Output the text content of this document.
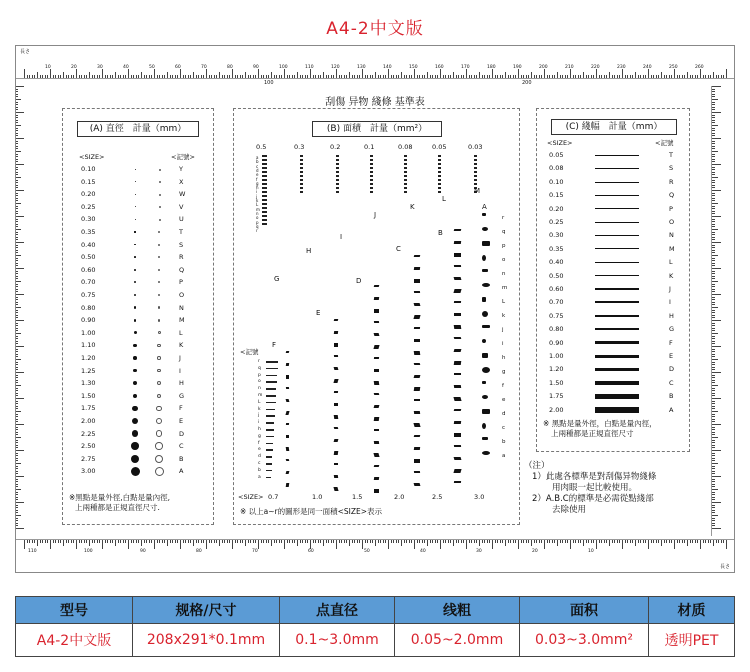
A4-2中文版
10	20	30	40	50	60	70	80	90	100	110	120	130	140	150	160	170	180	190	200	210	220	230	240	250	260
100	200
長さ
110	100	90	80	70	60	50	40	30	20	10
長さ
刮傷 异物 綫條 基準表
(A) 直徑　計量（mm）
<SIZE>	<記號>
※黑點是量外徑,白點是量內徑,
上兩種都是正規直徑尺寸.
0.10	Y
0.15	X
0.20	W
0.25	V
0.30	U
0.35	T
0.40	S
0.50	R
0.60	Q
0.70	P
0.75	O
0.80	N
0.90	M
1.00	L
1.10	K
1.20	J
1.25	I
1.30	H
1.50	G
1.75	F
2.00	E
2.25	D
2.50	C
2.75	B
3.00	A
(B) 面積　計量（mm²）
※ 以上a~r的圖形是同一面積<SIZE>表示
0.5	0.3	0.2	0.1	0.08	0.05	0.03
a
b
c
d
e
f
g
h
i
j
k
L
m
n
o
p
q
r
G
H
I
J
K
L
M
A
B
C
D
E
F
r
q
p
o
n
m
L
k
j
i
h
g
f
e
d
c
b
a
<記號
r
q
p
o
n
m
L
k
j
i
h
g
f
e
d
c
b
a
<SIZE> 0.7	1.0	1.5	2.0	2.5	3.0
(C) 綫幅　計量（mm）
<SIZE>	<記號
※ 黑點是量外徑，白點是量內徑，
上兩種都是正規直徑尺寸
0.05	T
0.08	S
0.10	R
0.15	Q
0.20	P
0.25	O
0.30	N
0.35	M
0.40	L
0.50	K
0.60	J
0.70	I
0.75	H
0.80	G
0.90	F
1.00	E
1.20	D
1.50	C
1.75	B
2.00	A
（注）
1）此處各標準是對刮傷异物綫條
用肉眼一起比較使用。
2）A.B.C的標準是必需從點綫部
去除使用
型号	规格/尺寸	点直径	线粗	面积	材质
A4-2中文版	208x291*0.1mm	0.1~3.0mm	0.05~2.0mm	0.03~3.0mm²	透明PET
